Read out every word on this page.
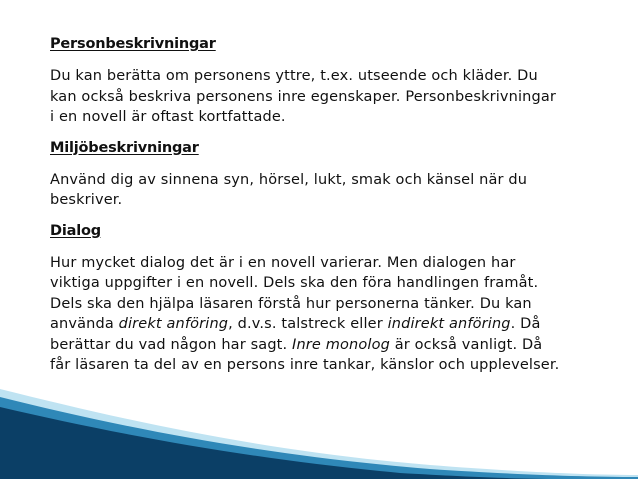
Personbeskrivningar

Du kan berätta om personens yttre, t.ex. utseende och kläder. Du
kan också beskriva personens inre egenskaper. Personbeskrivningar
i en novell är oftast kortfattade.

Miljöbeskrivningar

Använd dig av sinnena syn, hörsel, lukt, smak och känsel när du
beskriver.

Dialog

Hur mycket dialog det är i en novell varierar. Men dialogen har
viktiga uppgifter i en novell. Dels ska den föra handlingen framåt.
Dels ska den hjälpa läsaren förstå hur personerna tänker. Du kan
använda direkt anföring, d.v.s. talstreck eller indirekt anföring. Då
berättar du vad någon har sagt. Inre monolog är också vanligt. Då
får läsaren ta del av en persons inre tankar, känslor och upplevelser.
